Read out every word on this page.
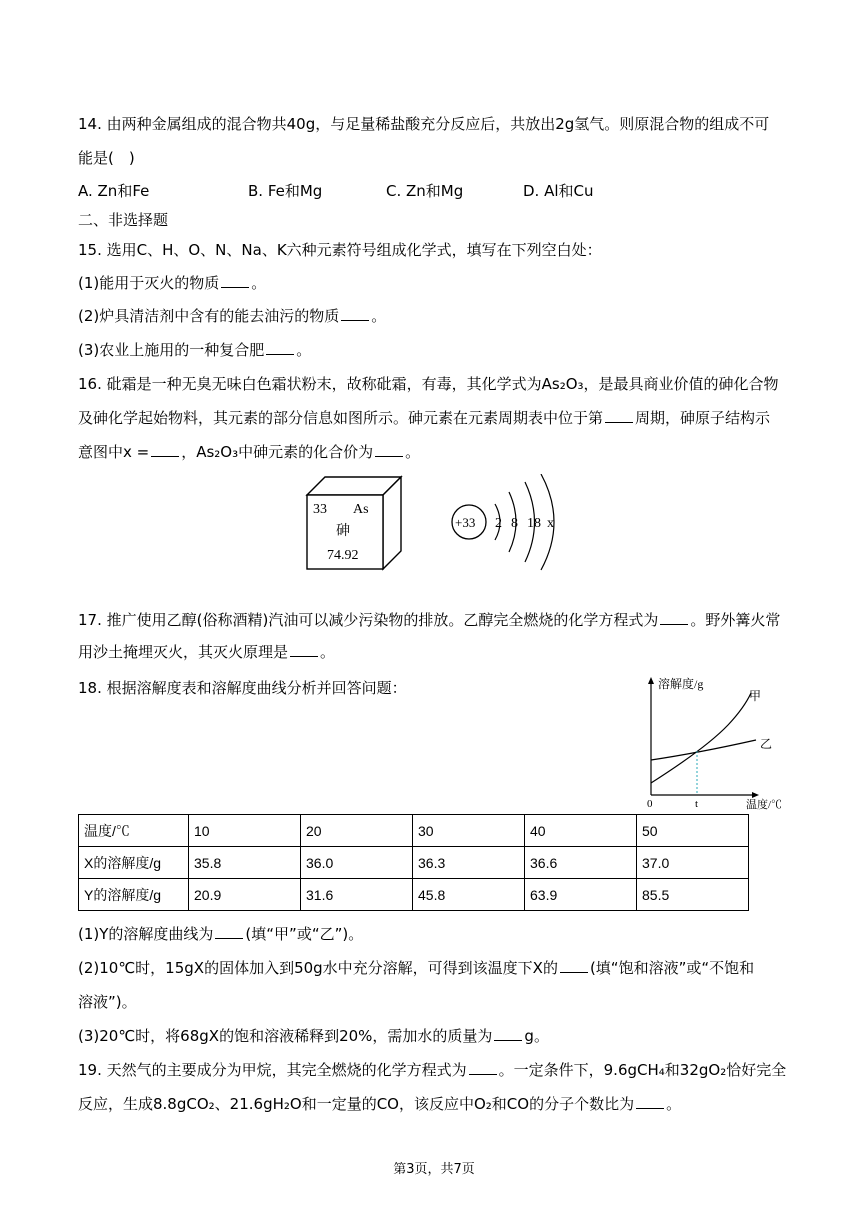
14. 由两种金属组成的混合物共40g，与足量稀盐酸充分反应后，共放出2g氢气。则原混合物的组成不可
能是(　)
A. Zn和Fe	B. Fe和Mg	C. Zn和Mg	D. Al和Cu
二、非选择题
15. 选用C、H、O、N、Na、K六种元素符号组成化学式，填写在下列空白处：
(1)能用于灭火的物质 。
(2)炉具清洁剂中含有的能去油污的物质 。
(3)农业上施用的一种复合肥 。
16. 砒霜是一种无臭无味白色霜状粉末，故称砒霜，有毒，其化学式为As₂O₃，是最具商业价值的砷化合物
及砷化学起始物料，其元素的部分信息如图所示。砷元素在元素周期表中位于第 周期，砷原子结构示
意图中x = ，As₂O₃中砷元素的化合价为 。
33 As
砷
74.92
+33 2 8 18 x
17. 推广使用乙醇(俗称酒精)汽油可以减少污染物的排放。乙醇完全燃烧的化学方程式为 。野外篝火常
用沙土掩埋灭火，其灭火原理是 。
18. 根据溶解度表和溶解度曲线分析并回答问题：	溶解度/g
温度/℃
0	t
甲
乙
温度/℃	10	20	30	40	50
X的溶解度/g	35.8	36.0	36.3	36.6	37.0
Y的溶解度/g	20.9	31.6	45.8	63.9	85.5
(1)Y的溶解度曲线为 (填“甲”或“乙”)。
(2)10℃时，15gX的固体加入到50g水中充分溶解，可得到该温度下X的 (填“饱和溶液”或“不饱和
溶液”)。
(3)20℃时，将68gX的饱和溶液稀释到20%，需加水的质量为 g。
19. 天然气的主要成分为甲烷，其完全燃烧的化学方程式为 。一定条件下，9.6gCH₄和32gO₂恰好完全
反应，生成8.8gCO₂、21.6gH₂O和一定量的CO，该反应中O₂和CO的分子个数比为 。
第3页，共7页
